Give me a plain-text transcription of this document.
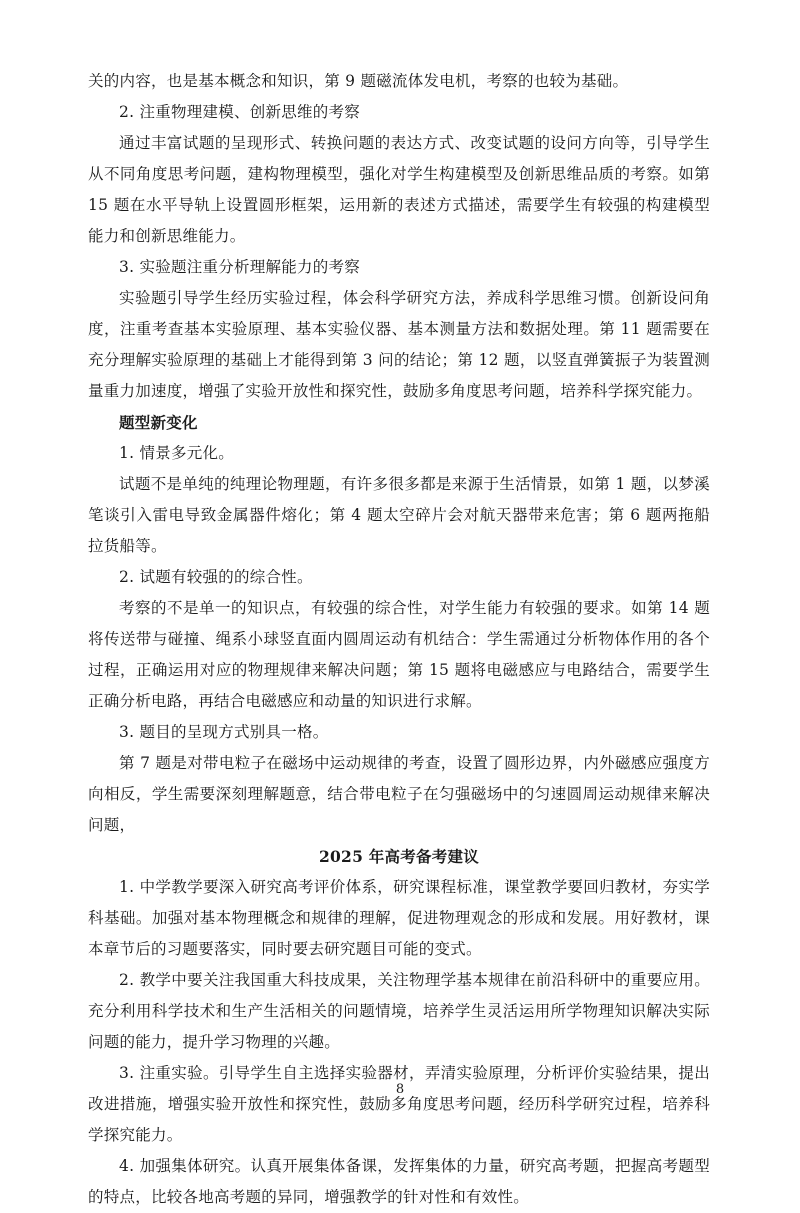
关的内容，也是基本概念和知识，第 9 题磁流体发电机，考察的也较为基础。

2. 注重物理建模、创新思维的考察

通过丰富试题的呈现形式、转换问题的表达方式、改变试题的设问方向等，引导学生从不同角度思考问题，建构物理模型，强化对学生构建模型及创新思维品质的考察。如第 15 题在水平导轨上设置圆形框架，运用新的表述方式描述，需要学生有较强的构建模型能力和创新思维能力。

3. 实验题注重分析理解能力的考察

实验题引导学生经历实验过程，体会科学研究方法，养成科学思维习惯。创新设问角度，注重考查基本实验原理、基本实验仪器、基本测量方法和数据处理。第 11 题需要在充分理解实验原理的基础上才能得到第 3 问的结论；第 12 题，以竖直弹簧振子为装置测量重力加速度，增强了实验开放性和探究性，鼓励多角度思考问题，培养科学探究能力。

题型新变化

1. 情景多元化。

试题不是单纯的纯理论物理题，有许多很多都是来源于生活情景，如第 1 题，以梦溪笔谈引入雷电导致金属器件熔化；第 4 题太空碎片会对航天器带来危害；第 6 题两拖船拉货船等。

2. 试题有较强的的综合性。

考察的不是单一的知识点，有较强的综合性，对学生能力有较强的要求。如第 14 题将传送带与碰撞、绳系小球竖直面内圆周运动有机结合：学生需通过分析物体作用的各个过程，正确运用对应的物理规律来解决问题；第 15 题将电磁感应与电路结合，需要学生正确分析电路，再结合电磁感应和动量的知识进行求解。

3. 题目的呈现方式别具一格。

第 7 题是对带电粒子在磁场中运动规律的考查，设置了圆形边界，内外磁感应强度方向相反，学生需要深刻理解题意，结合带电粒子在匀强磁场中的匀速圆周运动规律来解决问题，

2025 年高考备考建议

1. 中学教学要深入研究高考评价体系，研究课程标准，课堂教学要回归教材，夯实学科基础。加强对基本物理概念和规律的理解，促进物理观念的形成和发展。用好教材，课本章节后的习题要落实，同时要去研究题目可能的变式。

2. 教学中要关注我国重大科技成果，关注物理学基本规律在前沿科研中的重要应用。充分利用科学技术和生产生活相关的问题情境，培养学生灵活运用所学物理知识解决实际问题的能力，提升学习物理的兴趣。

3. 注重实验。引导学生自主选择实验器材，弄清实验原理，分析评价实验结果，提出改进措施，增强实验开放性和探究性，鼓励多角度思考问题，经历科学研究过程，培养科学探究能力。

4. 加强集体研究。认真开展集体备课，发挥集体的力量，研究高考题，把握高考题型的特点，比较各地高考题的异同，增强教学的针对性和有效性。

8
